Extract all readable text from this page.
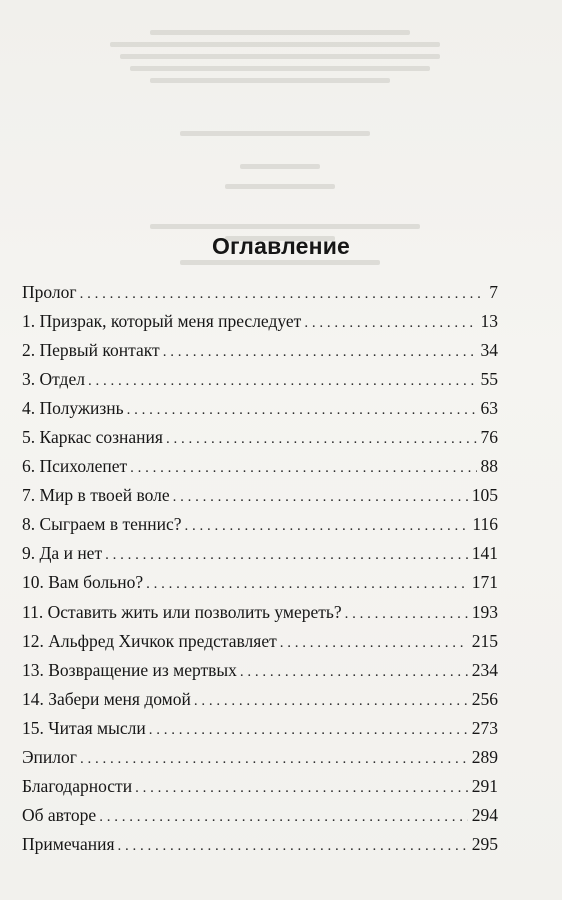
Оглавление
Пролог . . .	7
1. Призрак, который меня преследует . . .	13
2. Первый контакт . . .	34
3. Отдел . . .	55
4. Полужизнь . . .	63
5. Каркас сознания . . .	76
6. Психолепет . . .	88
7. Мир в твоей воле . . .	105
8. Сыграем в теннис? . . .	116
9. Да и нет . . .	141
10. Вам больно? . . .	171
11. Оставить жить или позволить умереть? . . .	193
12. Альфред Хичкок представляет . . .	215
13. Возвращение из мертвых . . .	234
14. Забери меня домой . . .	256
15. Читая мысли . . .	273
Эпилог . . .	289
Благодарности . . .	291
Об авторе . . .	294
Примечания . . .	295
